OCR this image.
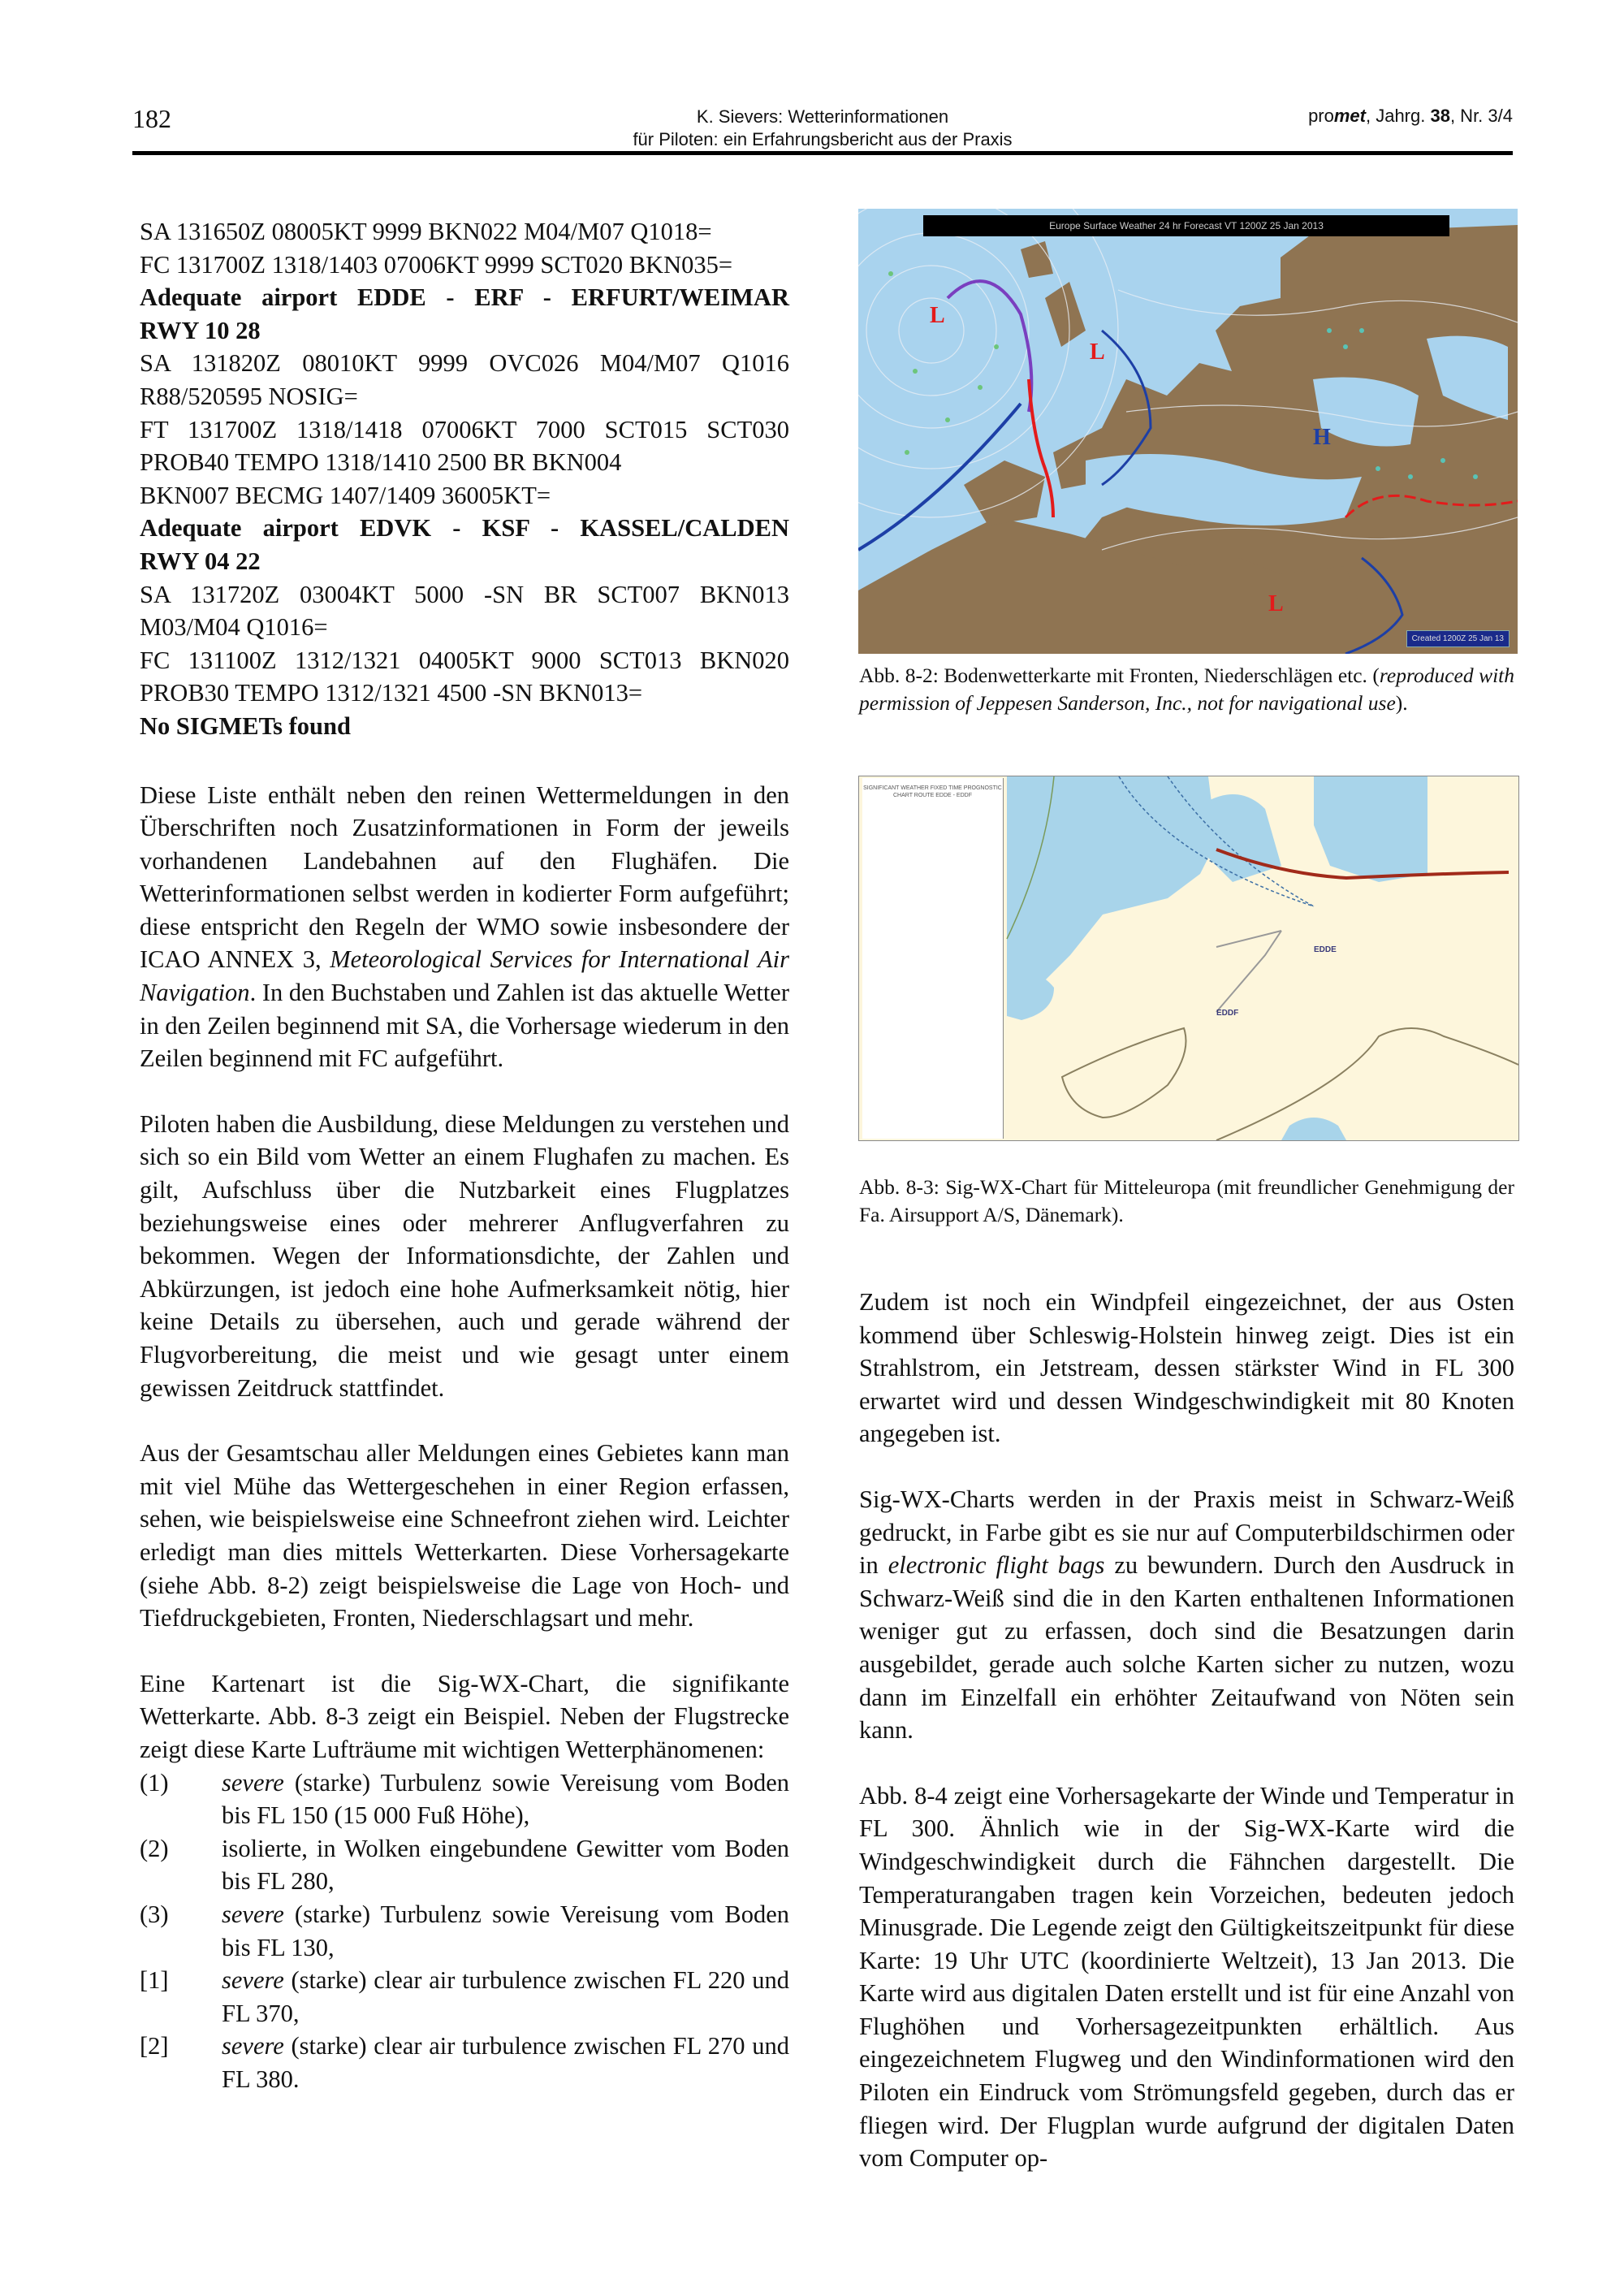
182	K. Sievers: Wetterinformationen
für Piloten: ein Erfahrungsbericht aus der Praxis
promet, Jahrg. 38, Nr. 3/4
SA 131650Z 08005KT 9999 BKN022 M04/M07 Q1018=
FC 131700Z 1318/1403 07006KT 9999 SCT020 BKN035=
Adequate airport EDDE - ERF - ERFURT/WEIMAR
RWY 10 28
SA 131820Z 08010KT 9999 OVC026 M04/M07 Q1016
R88/520595 NOSIG=
FT 131700Z 1318/1418 07006KT 7000 SCT015 SCT030
PROB40 TEMPO 1318/1410 2500 BR BKN004
BKN007 BECMG 1407/1409 36005KT=
Adequate airport EDVK - KSF - KASSEL/CALDEN
RWY 04 22
SA 131720Z 03004KT 5000 -SN BR SCT007 BKN013
M03/M04 Q1016=
FC 131100Z 1312/1321 04005KT 9000 SCT013 BKN020
PROB30 TEMPO 1312/1321 4500 -SN BKN013=
No SIGMETs found

Diese Liste enthält neben den reinen Wettermeldungen in den Überschriften noch Zusatzinformationen in Form der jeweils vorhandenen Landebahnen auf den Flughäfen. Die Wetterinformationen selbst werden in kodierter Form aufgeführt; diese entspricht den Regeln der WMO sowie insbesondere der ICAO ANNEX 3, Meteorological Services for International Air Navigation. In den Buchstaben und Zahlen ist das aktuelle Wetter in den Zeilen beginnend mit SA, die Vorhersage wiederum in den Zeilen beginnend mit FC aufgeführt.

Piloten haben die Ausbildung, diese Meldungen zu verstehen und sich so ein Bild vom Wetter an einem Flughafen zu machen. Es gilt, Aufschluss über die Nutzbarkeit eines Flugplatzes beziehungsweise eines oder mehrerer Anflugverfahren zu bekommen. Wegen der Informationsdichte, der Zahlen und Abkürzungen, ist jedoch eine hohe Aufmerksamkeit nötig, hier keine Details zu übersehen, auch und gerade während der Flugvorbereitung, die meist und wie gesagt unter einem gewissen Zeitdruck stattfindet.

Aus der Gesamtschau aller Meldungen eines Gebietes kann man mit viel Mühe das Wettergeschehen in einer Region erfassen, sehen, wie beispielsweise eine Schneefront ziehen wird. Leichter erledigt man dies mittels Wetterkarten. Diese Vorhersagekarte (siehe Abb. 8-2) zeigt beispielsweise die Lage von Hoch- und Tiefdruckgebieten, Fronten, Niederschlagsart und mehr.

Eine Kartenart ist die Sig-WX-Chart, die signifikante Wetterkarte. Abb. 8-3 zeigt ein Beispiel. Neben der Flugstrecke zeigt diese Karte Lufträume mit wichtigen Wetterphänomenen:

(1)	severe (starke) Turbulenz sowie Vereisung vom Boden bis FL 150 (15 000 Fuß Höhe),
(2)	isolierte, in Wolken eingebundene Gewitter vom Boden bis FL 280,
(3)	severe (starke) Turbulenz sowie Vereisung vom Boden bis FL 130,
[1]	severe (starke) clear air turbulence zwischen FL 220 und FL 370,
[2]	severe (starke) clear air turbulence zwischen FL 270 und FL 380.
L
L
L
H
Europe Surface Weather 24 hr Forecast VT 1200Z 25 Jan 2013
Created 1200Z 25 Jan 13
Abb. 8-2: Bodenwetterkarte mit Fronten, Niederschlägen etc. (reproduced with permission of Jeppesen Sanderson, Inc., not for navigational use).
SIGNIFICANT WEATHER FIXED TIME PROGNOSTIC CHART ROUTE EDDE - EDDF
EDDE
EDDF
Abb. 8-3: Sig-WX-Chart für Mitteleuropa (mit freundlicher Genehmigung der Fa. Airsupport A/S, Dänemark).

Zudem ist noch ein Windpfeil eingezeichnet, der aus Osten kommend über Schleswig-Holstein hinweg zeigt. Dies ist ein Strahlstrom, ein Jetstream, dessen stärkster Wind in FL 300 erwartet wird und dessen Windgeschwindigkeit mit 80 Knoten angegeben ist.

Sig-WX-Charts werden in der Praxis meist in Schwarz-Weiß gedruckt, in Farbe gibt es sie nur auf Computerbildschirmen oder in electronic flight bags zu bewundern. Durch den Ausdruck in Schwarz-Weiß sind die in den Karten enthaltenen Informationen weniger gut zu erfassen, doch sind die Besatzungen darin ausgebildet, gerade auch solche Karten sicher zu nutzen, wozu dann im Einzelfall ein erhöhter Zeitaufwand von Nöten sein kann.

Abb. 8-4 zeigt eine Vorhersagekarte der Winde und Temperatur in FL 300. Ähnlich wie in der Sig-WX-Karte wird die Windgeschwindigkeit durch die Fähnchen dargestellt. Die Temperaturangaben tragen kein Vorzeichen, bedeuten jedoch Minusgrade. Die Legende zeigt den Gültigkeitszeitpunkt für diese Karte: 19 Uhr UTC (koordinierte Weltzeit), 13 Jan 2013. Die Karte wird aus digitalen Daten erstellt und ist für eine Anzahl von Flughöhen und Vorhersagezeitpunkten erhältlich. Aus eingezeichnetem Flugweg und den Windinformationen wird den Piloten ein Eindruck vom Strömungsfeld gegeben, durch das er fliegen wird. Der Flugplan wurde aufgrund der digitalen Daten vom Computer op-
